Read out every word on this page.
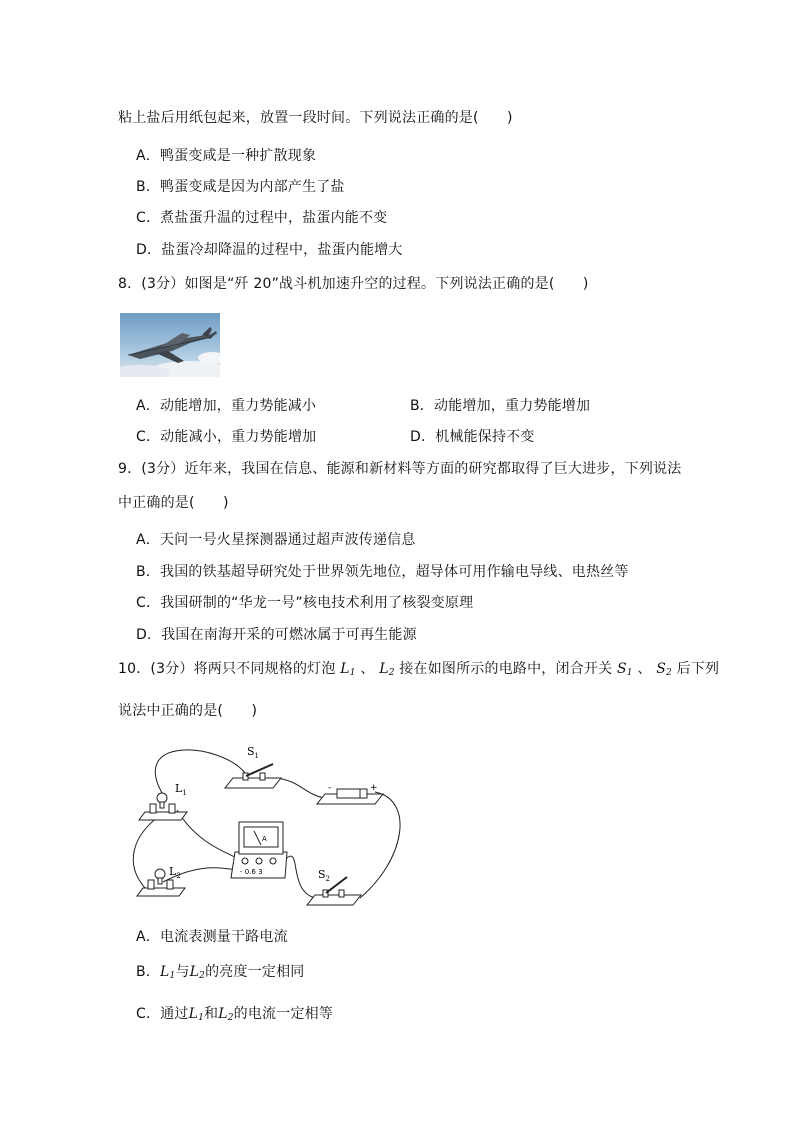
粘上盐后用纸包起来，放置一段时间。下列说法正确的是(　　)
A．鸭蛋变咸是一种扩散现象
B．鸭蛋变咸是因为内部产生了盐
C．煮盐蛋升温的过程中，盐蛋内能不变
D．盐蛋冷却降温的过程中，盐蛋内能增大
8．(3分）如图是“歼 20”战斗机加速升空的过程。下列说法正确的是(　　)
A．动能增加，重力势能减小	B．动能增加，重力势能增加
C．动能减小，重力势能增加	D．机械能保持不变
9．(3分）近年来，我国在信息、能源和新材料等方面的研究都取得了巨大进步，下列说法
中正确的是(　　)
A．天问一号火星探测器通过超声波传递信息
B．我国的铁基超导研究处于世界领先地位，超导体可用作输电导线、电热丝等
C．我国研制的“华龙一号”核电技术利用了核裂变原理
D．我国在南海开采的可燃冰属于可再生能源
10．(3分）将两只不同规格的灯泡 $L_1$ 、 $L_2$ 接在如图所示的电路中，闭合开关 $S_1$ 、 $S_2$ 后下列
说法中正确的是(　　)
$S_1$
-	+
$L_1$
A
- 0.6 3
$L_2$	$S_2$
A．电流表测量干路电流
B．$L_1$与$L_2$的亮度一定相同
C．通过$L_1$和$L_2$的电流一定相等
